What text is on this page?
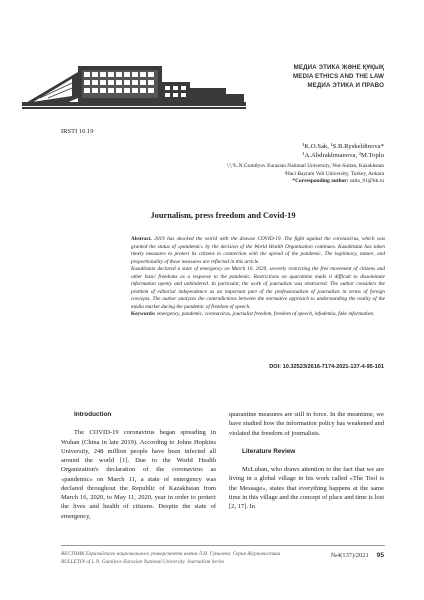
МЕДИА ЭТИКА ЖӘНЕ ҚҰҚЫҚ
MEDIA ETHICS AND THE LAW
МЕДИА ЭТИКА И ПРАВО
IRSTI 10.19
¹K.O.Sak, ¹S.B.Ryskeldinova*
¹A.Abdrakhmanova, ²M.Toplu
¹,²,³L.N.Gumilyov Eurasian National University, Nur-Sultan, Kazakhstan
²Haci Bayram Veli University, Turkey, Ankara
*Corresponding author: salta_91@bk.ru
Journalism, press freedom and Covid-19
Abstract. 2019 has shocked the world with the disease COVID-19. The fight against the coronavirus, which was granted the status of «pandemic» by the decision of the World Health Organization continues. Kazakhstan has taken timely measures to protect its citizens in connection with the spread of the pandemic. The legitimacy, nature, and proportionality of these measures are reflected in this article.
Kazakhstan declared a state of emergency on March 16, 2020, severely restricting the free movement of citizens and other basic freedoms as a response to the pandemic. Restrictions on quarantine made it difficult to disseminate information openly and unhindered. In particular, the work of journalists was obstructed. The author considers the problem of editorial independence as an important part of the professionalism of journalists in terms of foreign concepts. The author analyzes the contradictions between the normative approach to understanding the reality of the media market during the pandemic of freedom of speech.
Keywords: emergency, pandemic, coronavirus, journalist freedom, freedom of speech, infodemia, fake information.
DOI: 10.32523/2616-7174-2021-137-4-95-101

Introduction

The COVID-19 coronavirus began spreading in Wuhan (China in late 2019). According to Johns Hopkins University, 248 million people have been infected all around the world [1]. Due to the World Health Organization's declaration of the coronavirus as «pandemic» on March 11, a state of emergency was declared throughout the Republic of Kazakhstan from March 16, 2020, to May 11, 2020, year in order to protect the lives and health of citizens. Despite the state of emergency,

quarantine measures are still in force. In the meantime, we have studied how the information policy has weakened and violated the freedom of journalists.

Literature Review

McLuhan, who draws attention to the fact that we are living in a global village in his work called «The Tool is the Message», states that everything happens at the same time in this village and the concept of place and time is lost [2, 17]. In

ВЕСТНИК Евразийского национального университета имени Л.Н. Гумилева. Серия Журналистика
BULLETIN of L.N. Gumilyov Eurasian National University. Journalism Series
№4(137)/2021 95
